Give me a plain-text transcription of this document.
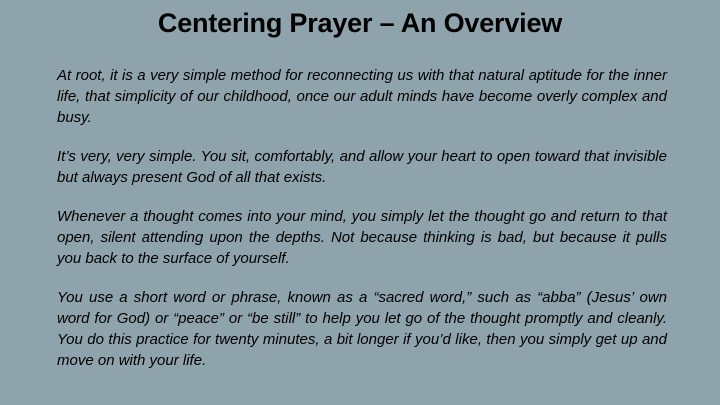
Centering Prayer – An Overview

At root, it is a very simple method for reconnecting us with that natural aptitude for the inner life, that simplicity of our childhood, once our adult minds have become overly complex and busy.

It’s very, very simple. You sit, comfortably, and allow your heart to open toward that invisible but always present God of all that exists.

Whenever a thought comes into your mind, you simply let the thought go and return to that open, silent attending upon the depths. Not because thinking is bad, but because it pulls you back to the surface of yourself.

You use a short word or phrase, known as a “sacred word,” such as “abba” (Jesus’ own word for God) or “peace” or “be still” to help you let go of the thought promptly and cleanly. You do this practice for twenty minutes, a bit longer if you’d like, then you simply get up and move on with your life.
